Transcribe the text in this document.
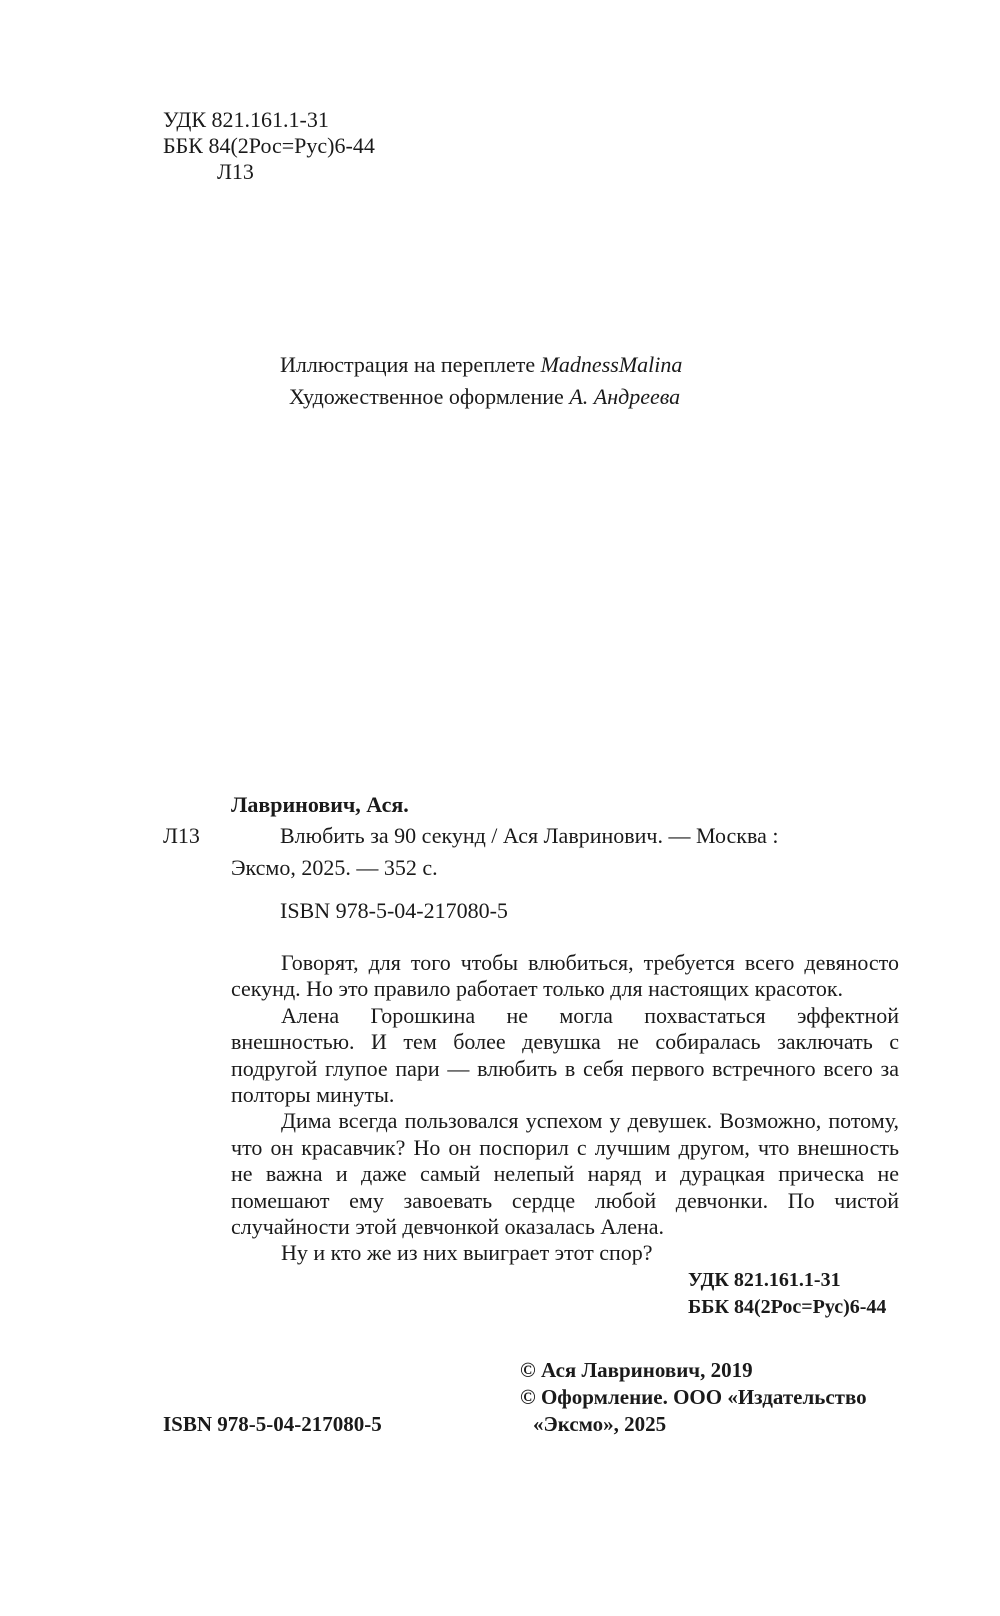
УДК 821.161.1-31
ББК 84(2Рос=Рус)6-44
Л13
Иллюстрация на переплете MadnessMalina
Художественное оформление А. Андреева
Лавринович, Ася.
Л13	Влюбить за 90 секунд / Ася Лавринович. — Москва :
Эксмо, 2025. — 352 с.
ISBN 978-5-04-217080-5

Говорят, для того чтобы влюбиться, требуется всего девяносто секунд. Но это правило работает только для настоящих красоток.

Алена Горошкина не могла похвастаться эффектной внешностью. И тем более девушка не собиралась заключать с подругой глупое пари — влюбить в себя первого встречного всего за полторы минуты.

Дима всегда пользовался успехом у девушек. Возможно, потому, что он красавчик? Но он поспорил с лучшим другом, что внешность не важна и даже самый нелепый наряд и дурацкая прическа не помешают ему завоевать сердце любой девчонки. По чистой случайности этой девчонкой оказалась Алена.

Ну и кто же из них выиграет этот спор?

УДК 821.161.1-31
ББК 84(2Рос=Рус)6-44
© Ася Лавринович, 2019
© Оформление. ООО «Издательство
«Эксмо», 2025
ISBN 978-5-04-217080-5
